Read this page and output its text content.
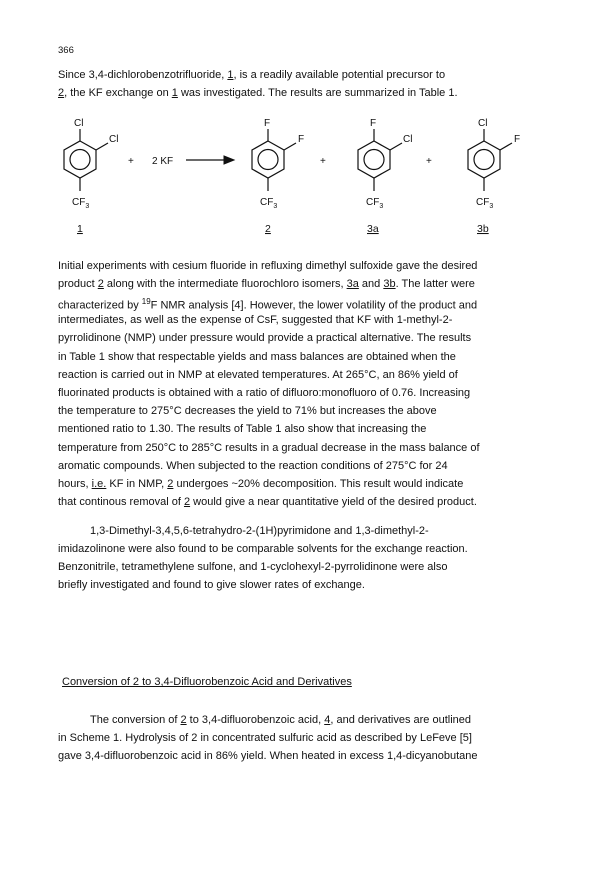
366
Since 3,4-dichlorobenzotrifluoride, 1, is a readily available potential precursor to
2, the KF exchange on 1 was investigated. The results are summarized in Table 1.
Cl
Cl
$CF_3$
1
+ 2 KF
F
F
$CF_3$
2
+
F
Cl
$CF_3$
3a
+
Cl
F
$CF_3$
3b
Initial experiments with cesium fluoride in refluxing dimethyl sulfoxide gave the desired
product 2 along with the intermediate fluorochloro isomers, 3a and 3b. The latter were
characterized by $^{19}$F NMR analysis [4]. However, the lower volatility of the product and
intermediates, as well as the expense of CsF, suggested that KF with 1-methyl-2-
pyrrolidinone (NMP) under pressure would provide a practical alternative. The results
in Table 1 show that respectable yields and mass balances are obtained when the
reaction is carried out in NMP at elevated temperatures. At 265°C, an 86% yield of
fluorinated products is obtained with a ratio of difluoro:monofluoro of 0.76. Increasing
the temperature to 275°C decreases the yield to 71% but increases the above
mentioned ratio to 1.30. The results of Table 1 also show that increasing the
temperature from 250°C to 285°C results in a gradual decrease in the mass balance of
aromatic compounds. When subjected to the reaction conditions of 275°C for 24
hours, i.e. KF in NMP, 2 undergoes ~20% decomposition. This result would indicate
that continous removal of 2 would give a near quantitative yield of the desired product.
1,3-Dimethyl-3,4,5,6-tetrahydro-2-(1H)pyrimidone and 1,3-dimethyl-2-
imidazolinone were also found to be comparable solvents for the exchange reaction.
Benzonitrile, tetramethylene sulfone, and 1-cyclohexyl-2-pyrrolidinone were also
briefly investigated and found to give slower rates of exchange.
Conversion of 2 to 3,4-Difluorobenzoic Acid and Derivatives
The conversion of 2 to 3,4-difluorobenzoic acid, 4, and derivatives are outlined
in Scheme 1. Hydrolysis of 2 in concentrated sulfuric acid as described by LeFeve [5]
gave 3,4-difluorobenzoic acid in 86% yield. When heated in excess 1,4-dicyanobutane
